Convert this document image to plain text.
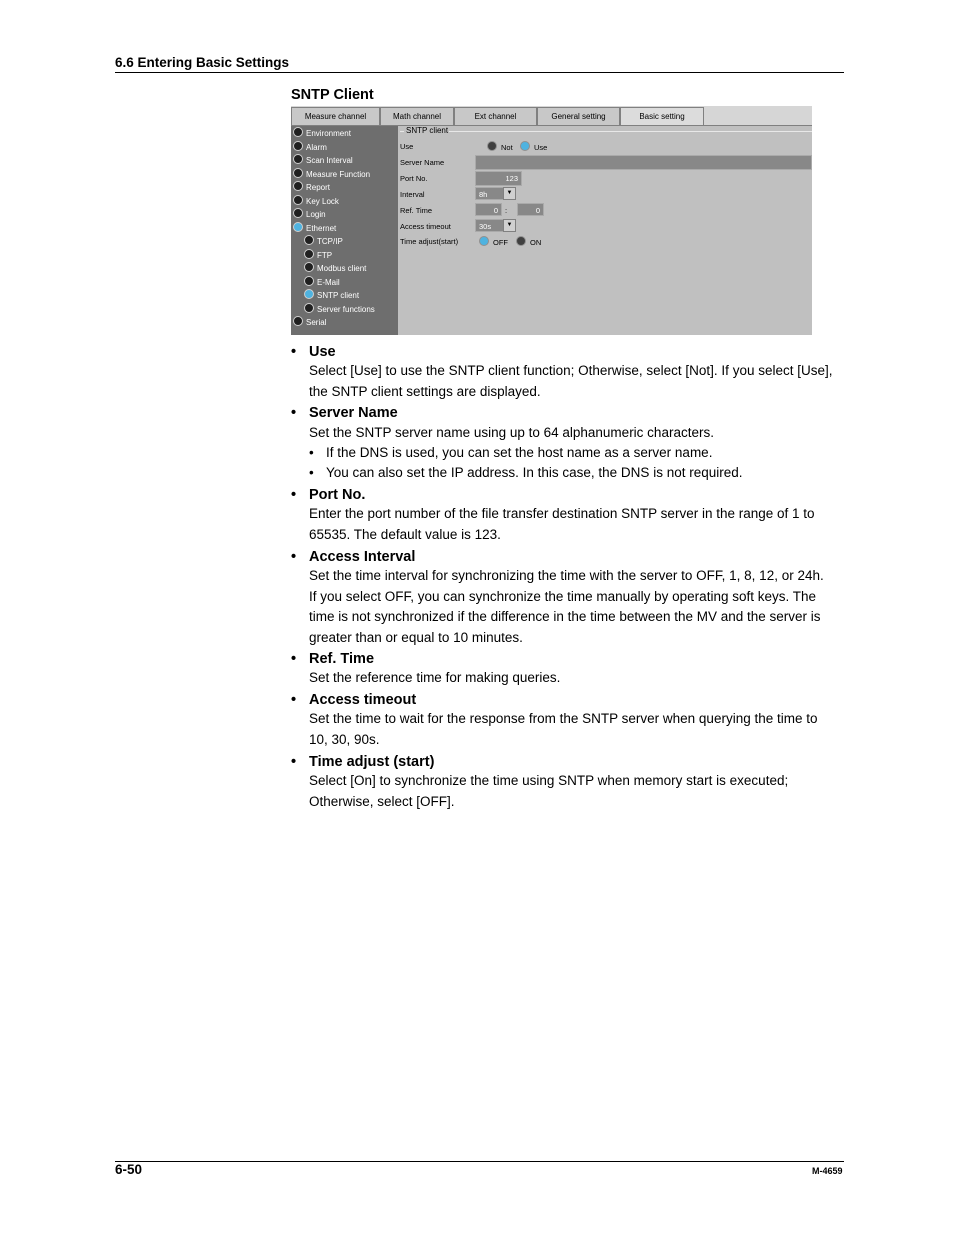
6.6 Entering Basic Settings
SNTP Client
Measure channel	Math channel	Ext channel	General setting	Basic setting
Environment
Alarm
Scan Interval
Measure Function
Report
Key Lock
Login
Ethernet
TCP/IP
FTP
Modbus client
E-Mail
SNTP client
Server functions
Serial
SNTP client
Use	Not	Use
Server Name
Port No.	123
Interval	8h	▼
Ref. Time	0 :	0
Access timeout	30s	▼
Time adjust(start)	OFF	ON
• Use
Select [Use] to use the SNTP client function; Otherwise, select [Not]. If you select [Use],
the SNTP client settings are displayed.
• Server Name
Set the SNTP server name using up to 64 alphanumeric characters.
• If the DNS is used, you can set the host name as a server name.
• You can also set the IP address. In this case, the DNS is not required.
• Port No.
Enter the port number of the file transfer destination SNTP server in the range of 1 to
65535. The default value is 123.
• Access Interval
Set the time interval for synchronizing the time with the server to OFF, 1, 8, 12, or 24h.
If you select OFF, you can synchronize the time manually by operating soft keys. The
time is not synchronized if the difference in the time between the MV and the server is
greater than or equal to 10 minutes.
• Ref. Time
Set the reference time for making queries.
• Access timeout
Set the time to wait for the response from the SNTP server when querying the time to
10, 30, 90s.
• Time adjust (start)
Select [On] to synchronize the time using SNTP when memory start is executed;
Otherwise, select [OFF].
6-50	M-4659
